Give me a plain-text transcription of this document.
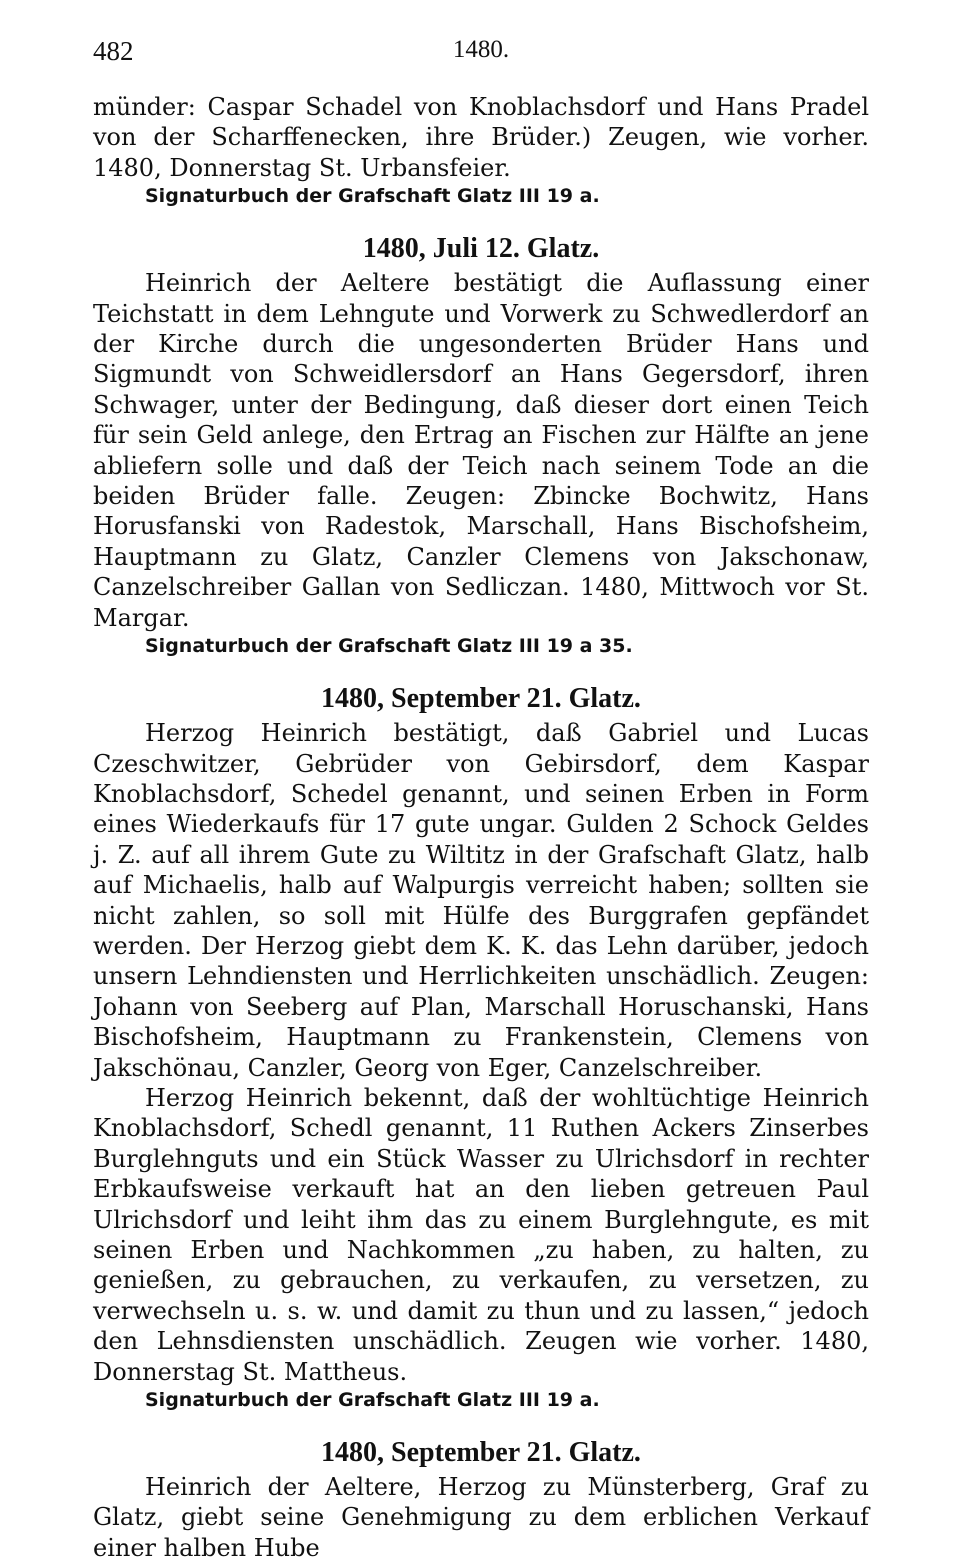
482	1480.

münder: Caspar Schadel von Knoblachsdorf und Hans Pradel von der Scharffenecken, ihre Brüder.) Zeugen, wie vorher. 1480, Donnerstag St. Urbansfeier.

Signaturbuch der Grafschaft Glatz III 19 a.

1480, Juli 12. Glatz.

Heinrich der Aeltere bestätigt die Auflassung einer Teichstatt in dem Lehngute und Vorwerk zu Schwedlerdorf an der Kirche durch die ungesonderten Brüder Hans und Sigmundt von Schweidlersdorf an Hans Gegersdorf, ihren Schwager, unter der Bedingung, daß dieser dort einen Teich für sein Geld anlege, den Ertrag an Fischen zur Hälfte an jene abliefern solle und daß der Teich nach seinem Tode an die beiden Brüder falle. Zeugen: Zbincke Bochwitz, Hans Horusfanski von Radestok, Marschall, Hans Bischofsheim, Hauptmann zu Glatz, Canzler Clemens von Jakschonaw, Canzelschreiber Gallan von Sedliczan. 1480, Mittwoch vor St. Margar.

Signaturbuch der Grafschaft Glatz III 19 a 35.

1480, September 21. Glatz.

Herzog Heinrich bestätigt, daß Gabriel und Lucas Czeschwitzer, Gebrüder von Gebirsdorf, dem Kaspar Knoblachsdorf, Schedel genannt, und seinen Erben in Form eines Wiederkaufs für 17 gute ungar. Gulden 2 Schock Geldes j. Z. auf all ihrem Gute zu Wiltitz in der Grafschaft Glatz, halb auf Michaelis, halb auf Walpurgis verreicht haben; sollten sie nicht zahlen, so soll mit Hülfe des Burggrafen gepfändet werden. Der Herzog giebt dem K. K. das Lehn darüber, jedoch unsern Lehndiensten und Herrlichkeiten unschädlich. Zeugen: Johann von Seeberg auf Plan, Marschall Horuschanski, Hans Bischofsheim, Hauptmann zu Frankenstein, Clemens von Jakschönau, Canzler, Georg von Eger, Canzelschreiber.

Herzog Heinrich bekennt, daß der wohltüchtige Heinrich Knoblachsdorf, Schedl genannt, 11 Ruthen Ackers Zinserbes Burglehnguts und ein Stück Wasser zu Ulrichsdorf in rechter Erbkaufsweise verkauft hat an den lieben getreuen Paul Ulrichsdorf und leiht ihm das zu einem Burglehngute, es mit seinen Erben und Nachkommen „zu haben, zu halten, zu genießen, zu gebrauchen, zu verkaufen, zu versetzen, zu verwechseln u. s. w. und damit zu thun und zu lassen,“ jedoch den Lehnsdiensten unschädlich. Zeugen wie vorher. 1480, Donnerstag St. Mattheus.

Signaturbuch der Grafschaft Glatz III 19 a.

1480, September 21. Glatz.

Heinrich der Aeltere, Herzog zu Münsterberg, Graf zu Glatz, giebt seine Genehmigung zu dem erblichen Verkauf einer halben Hube
